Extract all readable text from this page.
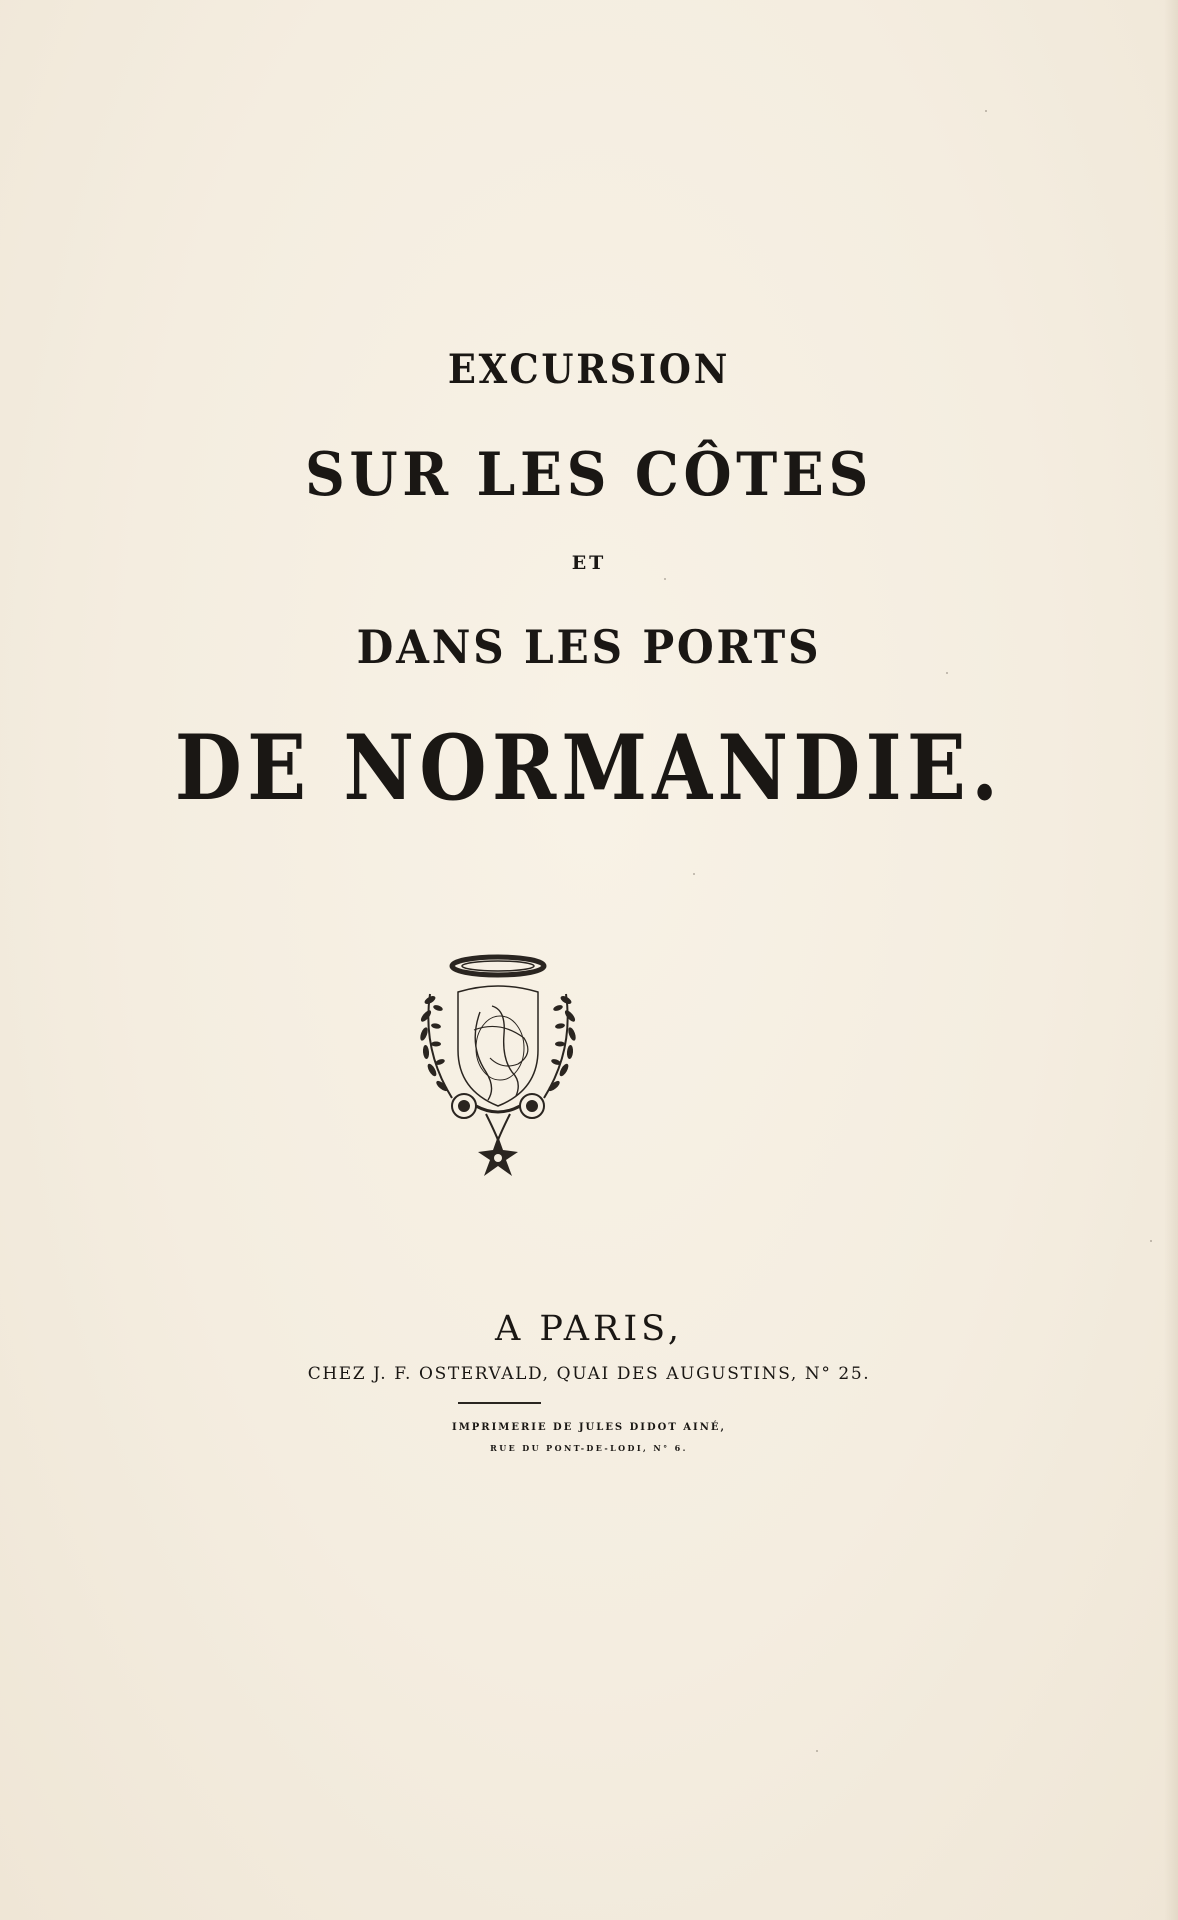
EXCURSION
SUR LES CÔTES
ET
DANS LES PORTS
DE NORMANDIE.
A PARIS,
CHEZ J. F. OSTERVALD, QUAI DES AUGUSTINS, N° 25.
IMPRIMERIE DE JULES DIDOT AINÉ,
RUE DU PONT-DE-LODI, N° 6.
